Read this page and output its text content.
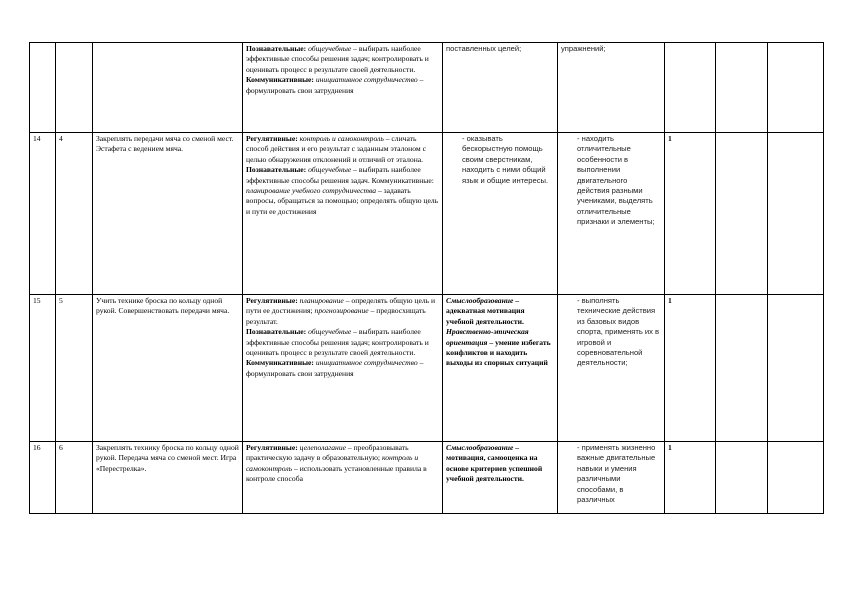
			Познавательные: общеучебные – выбирать наиболее эффективные способы решения задач; контролировать и оценивать процесс в результате своей деятельности.
Коммуникативные: инициативное сотрудничество – формулировать свои затруднения	поставленных целей;	упражнений;			
14	4	Закреплять передачи мяча со сменой мест. Эстафета с ведением мяча.	Регулятивные: контроль и самоконтроль – сличать способ действия и его результат с заданным эталоном с целью обнаружения отклонений и отличий от эталона.
Познавательные: общеучебные – выбирать наиболее эффективные способы решения задач. Коммуникативные: планирование учебного сотрудничества – задавать вопросы, обращаться за помощью; определять общую цель и пути ее достижения	- оказывать бескорыстную помощь своим сверстникам, находить с ними общий язык и общие интересы.	- находить отличительные особенности в выполнении двигательного действия разными учениками, выделять отличительные признаки и элементы;	1		
15	5	Учить технике броска по кольцу одной рукой. Совершенствовать передачи мяча.	Регулятивные: планирование – определять общую цель и пути ее достижения; прогнозирование – предвосхищать результат.
Познавательные: общеучебные – выбирать наиболее эффективные способы решения задач; контролировать и оценивать процесс в результате своей деятельности.
Коммуникативные: инициативное сотрудничество – формулировать свои затруднения	Смыслообразование – адекватная мотивация учебной деятельности. Нравственно-этическая ориентация – умение избегать конфликтов и находить выходы из спорных ситуаций	- выполнять технические действия из базовых видов спорта, применять их в игровой и соревновательной деятельности;	1		
16	6	Закреплять технику броска по кольцу одной рукой. Передача мяча со сменой мест. Игра «Перестрелка».	Регулятивные: целеполагание – преобразовывать практическую задачу в образовательную; контроль и самоконтроль – использовать установленные правила в контроле способа	Смыслообразование – мотивация, самооценка на основе критериев успешной учебной деятельности.	- применять жизненно важные двигательные навыки и умения различными способами, в различных	1		
